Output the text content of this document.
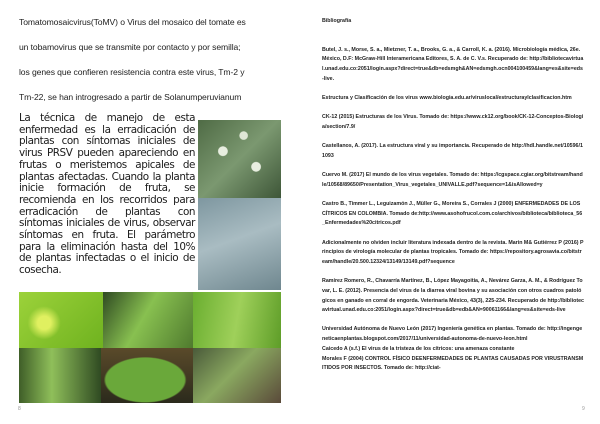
Tomatomosaicvirus(ToMV) o Virus del mosaico del tomate es
un tobamovirus que se transmite por contacto y por semilla;
los genes que confieren resistencia contra este virus, Tm-2 y
Tm-22, se han introgresado a partir de Solanumperuvianum
La técnica de manejo de esta enfermedad es la erradicación de plantas con síntomas iniciales de virus PRSV pueden apareciendo en frutas o meristemos apicales de plantas afectadas. Cuando la planta inicie formación de fruta, se recomienda en los recorridos para erradicación de plantas con síntomas iniciales de virus, observar síntomas en fruta. El parámetro para la eliminación hasta del 10% de plantas infectadas o el inicio de cosecha.
8

Bibliografía

Butel, J. s., Morse, S. a., Mietzner, T. a., Brooks, G. a., & Carroll, K. a. (2016). Microbiología médica, 26e. México, D.F: McGraw-Hill Interamericana Editores, S. A. de C. V.s. Recuperado de: http://bibliotecavirtual.unad.edu.co:2051/login.aspx?direct=true&db=edsmgh&AN=edsmgh.ocn004100459&lang=es&site=eds-live.

Estructura y Clasificación de los virus www.biologia.edu.ar/viruslocal/estructuraylclasificacion.htm

CK-12 (2015) Estructuras de los Virus. Tomado de: https://www.ck12.org/book/CK-12-Conceptos-Biologia/section/7.9/

Castellanos, A. (2017). La estructura viral y su importancia. Recuperado de http://hdl.handle.net/10596/11093

Cuervo M. (2017) El mundo de los virus vegetales. Tomado de: https://cgspace.cgiar.org/bitstream/handle/10568/89650/Presentation_Virus_vegetales_UNIVALLE.pdf?sequence=1&isAllowed=y

Castro B., Timmer L., Leguizamón J., Müller G., Moreira S., Corrales J (2000) ENFERMEDADES DE LOS CÍTRICOS EN COLOMBIA. Tomado de:http://www.asohofrucol.com.co/archivos/biblioteca/biblioteca_56_Enfermedades%20citricos.pdf

Adicionalmente no olviden incluir literatura indexada dentro de la revista. Marin M& Gutiérrez P (2016) Principios de virología molecular de plantas tropicales. Tomado de: https://repository.agrosavia.co/bitstream/handle/20.500.12324/13149/13149.pdf?sequence

Ramírez Romero, R., Chavarría Martínez, B., López Mayagoitia, A., Nevárez Garza, A. M., & Rodríguez Tovar, L. E. (2012). Presencia del virus de la diarrea viral bovina y su asociación con otros cuadros patológicos en ganado en corral de engorda. Veterinaria México, 43(3), 225-234. Recuperado de http://bibliotecavirtual.unad.edu.co:2051/login.aspx?direct=true&db=edb&AN=90061166&lang=es&site=eds-live

Universidad Autónoma de Nuevo León (2017) Ingeniería genética en plantas. Tomado de: http://ingengeneticaenplantas.blogspot.com/2017/11/universidad-autonoma-de-nuevo-leon.html
Caicedo A (s.f.) El virus de la tristeza de los cítricos: una amenaza constante
Morales F (2004) CONTROL FÍSICO DEENFERMEDADES DE PLANTAS CAUSADAS POR VIRUSTRANSMITIDOS POR INSECTOS. Tomado de: http://ciat-

9
